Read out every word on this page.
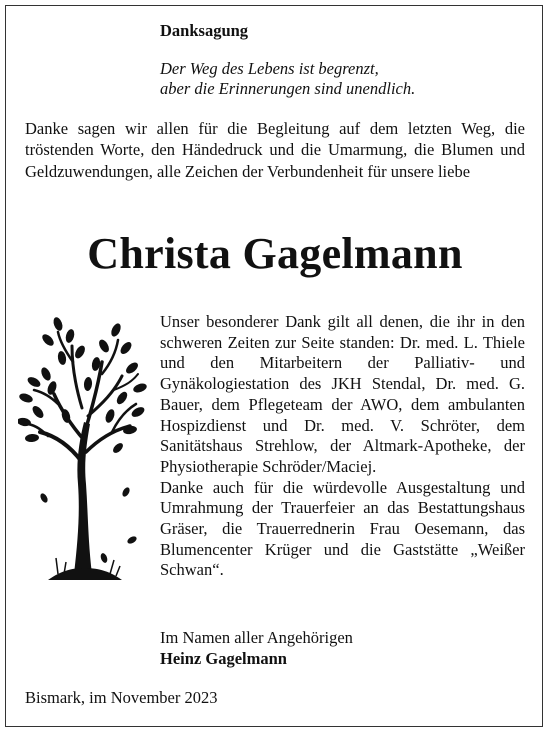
Danksagung
Der Weg des Lebens ist begrenzt,
aber die Erinnerungen sind unendlich.
Danke sagen wir allen für die Begleitung auf dem letzten Weg, die tröstenden Worte, den Händedruck und die Umarmung, die Blumen und Geldzuwendungen, alle Zeichen der Verbundenheit für unsere liebe
Christa Gagelmann

Unser besonderer Dank gilt all denen, die ihr in den schweren Zeiten zur Seite standen: Dr. med. L. Thiele und den Mitarbeitern der Palliativ- und Gynäkologiestation des JKH Stendal, Dr. med. G. Bauer, dem Pflegeteam der AWO, dem ambulanten Hospizdienst und Dr. med. V. Schröter, dem Sanitätshaus Strehlow, der Altmark-Apotheke, der Physiotherapie Schröder/Maciej.

Danke auch für die würdevolle Ausgestaltung und Umrahmung der Trauerfeier an das Bestattungshaus Gräser, die Trauerrednerin Frau Oesemann, das Blumencenter Krüger und die Gaststätte „Weißer Schwan“.

Im Namen aller Angehörigen
Heinz Gagelmann
Bismark, im November 2023
